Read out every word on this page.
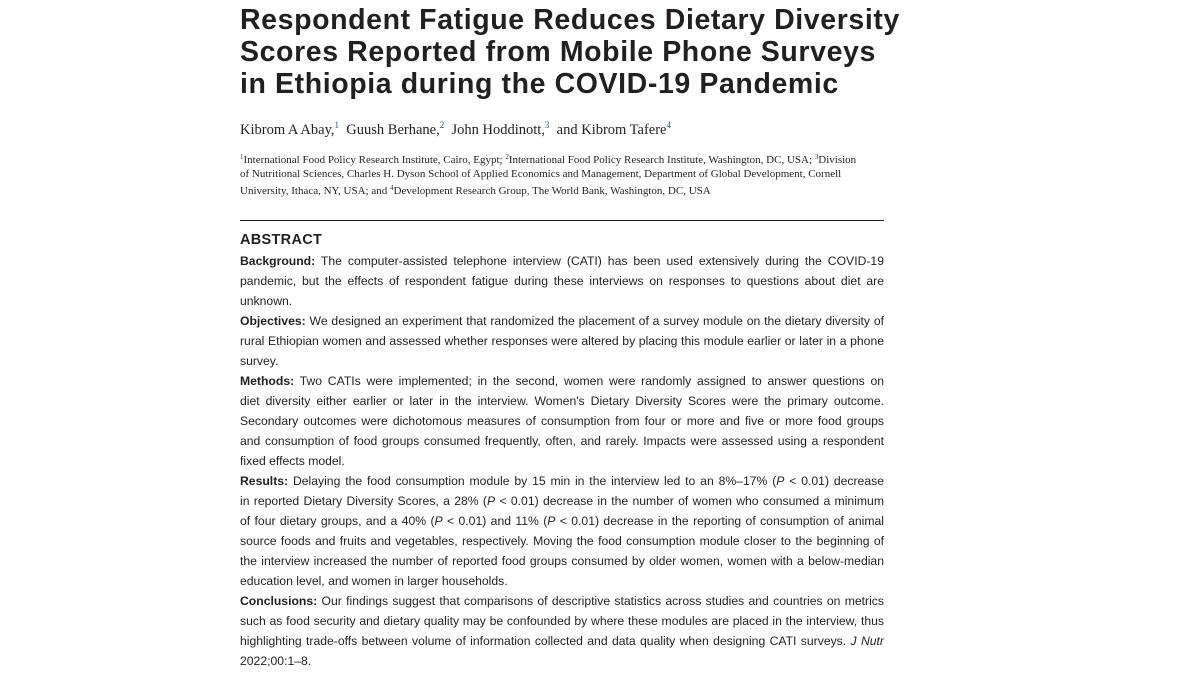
Respondent Fatigue Reduces Dietary Diversity
Scores Reported from Mobile Phone Surveys
in Ethiopia during the COVID-19 Pandemic
Kibrom A Abay,$^1$ Guush Berhane,$^2$ John Hoddinott,$^3$ and Kibrom Tafere$^4$
$^1$International Food Policy Research Institute, Cairo, Egypt; $^2$International Food Policy Research Institute, Washington, DC, USA; $^3$Division
of Nutritional Sciences, Charles H. Dyson School of Applied Economics and Management, Department of Global Development, Cornell
University, Ithaca, NY, USA; and $^4$Development Research Group, The World Bank, Washington, DC, USA
ABSTRACT
Background: The computer-assisted telephone interview (CATI) has been used extensively during the COVID-19
pandemic, but the effects of respondent fatigue during these interviews on responses to questions about diet are
unknown.
Objectives: We designed an experiment that randomized the placement of a survey module on the dietary diversity of
rural Ethiopian women and assessed whether responses were altered by placing this module earlier or later in a phone
survey.
Methods: Two CATIs were implemented; in the second, women were randomly assigned to answer questions on
diet diversity either earlier or later in the interview. Women's Dietary Diversity Scores were the primary outcome.
Secondary outcomes were dichotomous measures of consumption from four or more and five or more food groups
and consumption of food groups consumed frequently, often, and rarely. Impacts were assessed using a respondent
fixed effects model.
Results: Delaying the food consumption module by 15 min in the interview led to an 8%–17% (P < 0.01) decrease
in reported Dietary Diversity Scores, a 28% (P < 0.01) decrease in the number of women who consumed a minimum
of four dietary groups, and a 40% (P < 0.01) and 11% (P < 0.01) decrease in the reporting of consumption of animal
source foods and fruits and vegetables, respectively. Moving the food consumption module closer to the beginning of
the interview increased the number of reported food groups consumed by older women, women with a below-median
education level, and women in larger households.
Conclusions: Our findings suggest that comparisons of descriptive statistics across studies and countries on metrics
such as food security and dietary quality may be confounded by where these modules are placed in the interview, thus
highlighting trade-offs between volume of information collected and data quality when designing CATI surveys. J Nutr
2022;00:1–8.
